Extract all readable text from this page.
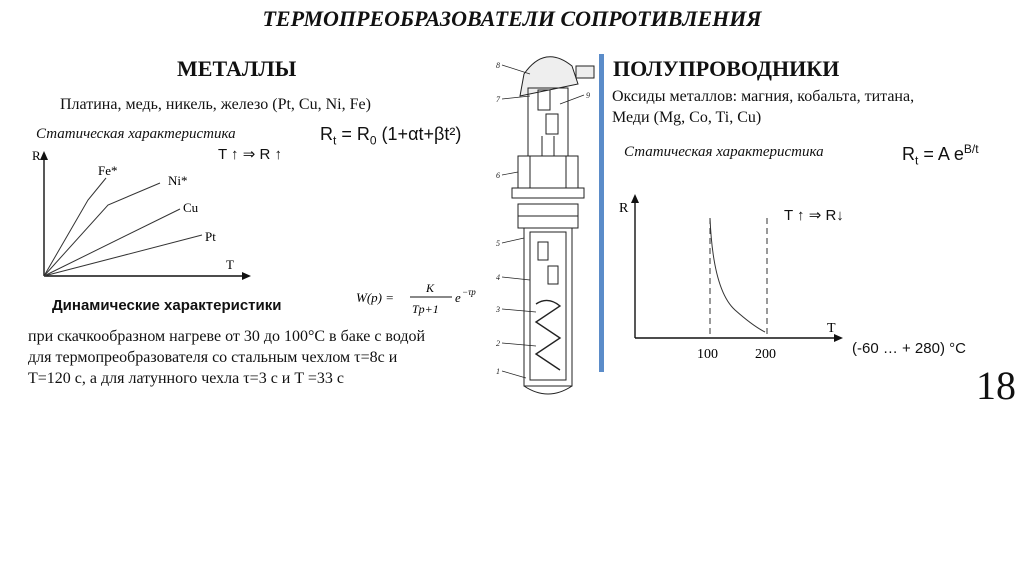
ТЕРМОПРЕОБРАЗОВАТЕЛИ СОПРОТИВЛЕНИЯ
МЕТАЛЛЫ
Платина, медь, никель, железо (Pt, Cu, Ni, Fe)
Статическая характеристика	$R_t = R_0$ (1+αt+βt²)
T ↑ ⇒ R ↑
R
T
Fe*
Ni*
Cu
Pt
Динамические характеристики	W(p) =
K
Tp+1
e −τp
при скачкообразном нагреве от 30 до 100°С в баке с водой
для термопреобразователя со стальным чехлом τ=8с и
T=120 с, а для латунного чехла τ=3 с и T =33 с
8
7	9
6
5
4
3
2
1
ПОЛУПРОВОДНИКИ
Оксиды металлов: магния, кобальта, титана,
Меди (Mg, Co, Ti, Cu)
Статическая характеристика	$R_t = A$ $e^{B/t}$
R
T
100	200
T ↑ ⇒ R↓
(-60 … + 280) °С
18
